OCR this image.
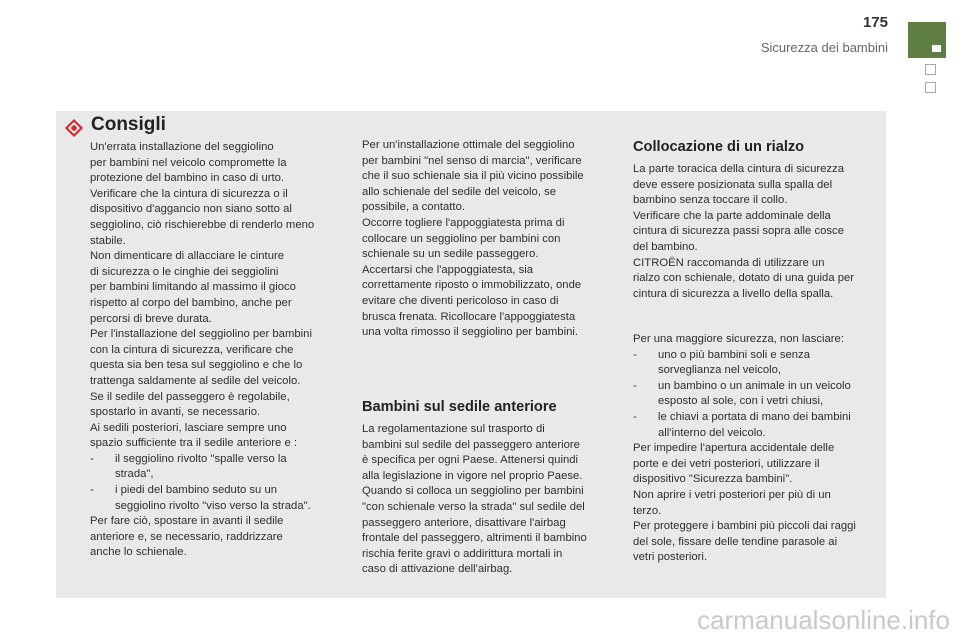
175
Sicurezza dei bambini
Consigli

Un'errata installazione del seggiolino

per bambini nel veicolo compromette la

protezione del bambino in caso di urto.

Verificare che la cintura di sicurezza o il

dispositivo d'aggancio non siano sotto al

seggiolino, ciò rischierebbe di renderlo meno

stabile.

Non dimenticare di allacciare le cinture

di sicurezza o le cinghie dei seggiolini

per bambini limitando al massimo il gioco

rispetto al corpo del bambino, anche per

percorsi di breve durata.

Per l'installazione del seggiolino per bambini

con la cintura di sicurezza, verificare che

questa sia ben tesa sul seggiolino e che lo

trattenga saldamente al sedile del veicolo.

Se il sedile del passeggero è regolabile,

spostarlo in avanti, se necessario.

Ai sedili posteriori, lasciare sempre uno

spazio sufficiente tra il sedile anteriore e :

- il seggiolino rivolto "spalle verso la

strada",

- i piedi del bambino seduto su un

seggiolino rivolto "viso verso la strada".

Per fare ciò, spostare in avanti il sedile

anteriore e, se necessario, raddrizzare

anche lo schienale.

Per un'installazione ottimale del seggiolino

per bambini "nel senso di marcia", verificare

che il suo schienale sia il più vicino possibile

allo schienale del sedile del veicolo, se

possibile, a contatto.

Occorre togliere l'appoggiatesta prima di

collocare un seggiolino per bambini con

schienale su un sedile passeggero.

Accertarsi che l'appoggiatesta, sia

correttamente riposto o immobilizzato, onde

evitare che diventi pericoloso in caso di

brusca frenata. Ricollocare l'appoggiatesta

una volta rimosso il seggiolino per bambini.

Bambini sul sedile anteriore

La regolamentazione sul trasporto di

bambini sul sedile del passeggero anteriore

è specifica per ogni Paese. Attenersi quindi

alla legislazione in vigore nel proprio Paese.

Quando si colloca un seggiolino per bambini

"con schienale verso la strada" sul sedile del

passeggero anteriore, disattivare l'airbag

frontale del passeggero, altrimenti il bambino

rischia ferite gravi o addirittura mortali in

caso di attivazione dell'airbag.

Collocazione di un rialzo

La parte toracica della cintura di sicurezza

deve essere posizionata sulla spalla del

bambino senza toccare il collo.

Verificare che la parte addominale della

cintura di sicurezza passi sopra alle cosce

del bambino.

CITROËN raccomanda di utilizzare un

rialzo con schienale, dotato di una guida per

cintura di sicurezza a livello della spalla.

Per una maggiore sicurezza, non lasciare:

- uno o più bambini soli e senza

sorveglianza nel veicolo,

- un bambino o un animale in un veicolo

esposto al sole, con i vetri chiusi,

- le chiavi a portata di mano dei bambini

all'interno del veicolo.

Per impedire l'apertura accidentale delle

porte e dei vetri posteriori, utilizzare il

dispositivo "Sicurezza bambini".

Non aprire i vetri posteriori per più di un

terzo.

Per proteggere i bambini più piccoli dai raggi

del sole, fissare delle tendine parasole ai

vetri posteriori.

carmanualsonline.info
